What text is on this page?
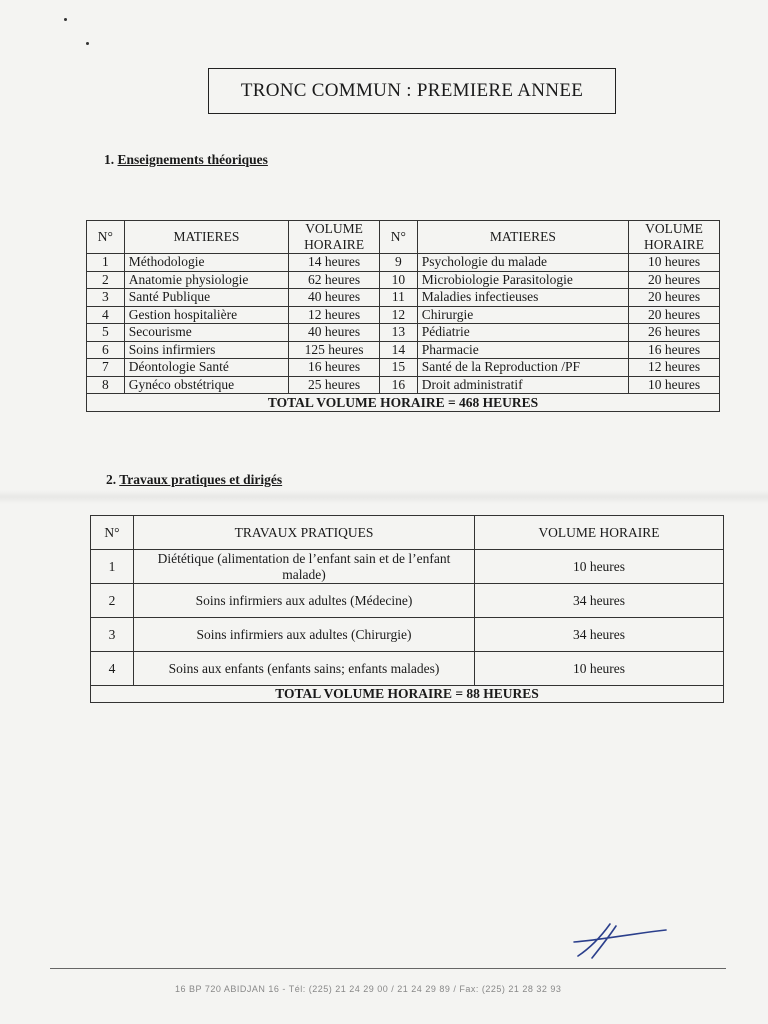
TRONC COMMUN : PREMIERE ANNEE
1. Enseignements théoriques
N°	MATIERES	VOLUME HORAIRE	N°	MATIERES	VOLUME HORAIRE
1	Méthodologie	14 heures	9	Psychologie du malade	10 heures
2	Anatomie physiologie	62 heures	10	Microbiologie Parasitologie	20 heures
3	Santé Publique	40 heures	11	Maladies infectieuses	20 heures
4	Gestion hospitalière	12 heures	12	Chirurgie	20 heures
5	Secourisme	40 heures	13	Pédiatrie	26 heures
6	Soins infirmiers	125 heures	14	Pharmacie	16 heures
7	Déontologie Santé	16 heures	15	Santé de la Reproduction /PF	12 heures
8	Gynéco obstétrique	25 heures	16	Droit administratif	10 heures
TOTAL VOLUME HORAIRE = 468 HEURES					
2. Travaux pratiques et dirigés
N°	TRAVAUX PRATIQUES	VOLUME HORAIRE
1	Diététique (alimentation de l’enfant sain et de l’enfant malade)	10 heures
2	Soins infirmiers aux adultes (Médecine)	34 heures
3	Soins infirmiers aux adultes (Chirurgie)	34 heures
4	Soins aux enfants (enfants sains; enfants malades)	10 heures
TOTAL VOLUME HORAIRE = 88 HEURES		
16 BP 720 ABIDJAN 16 - Tél: (225) 21 24 29 00 / 21 24 29 89 / Fax: (225) 21 28 32 93
